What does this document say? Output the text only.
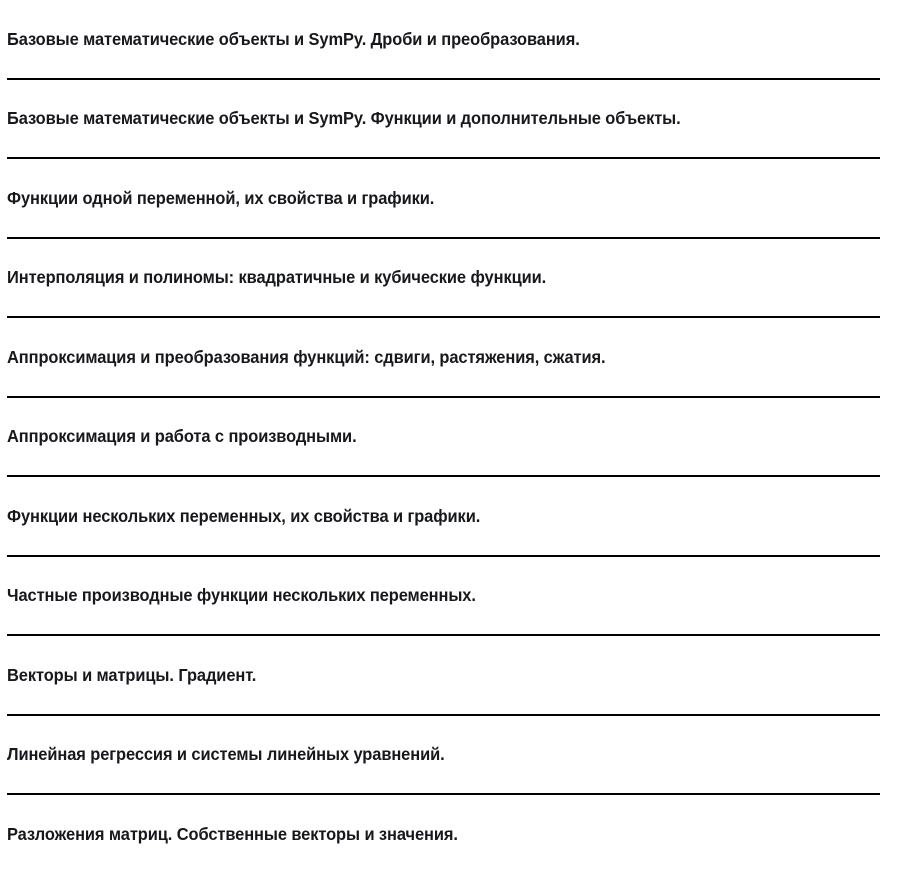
Базовые математические объекты и SymPy. Дроби и преобразования.
Базовые математические объекты и SymPy. Функции и дополнительные объекты.
Функции одной переменной, их свойства и графики.
Интерполяция и полиномы: квадратичные и кубические функции.
Аппроксимация и преобразования функций: сдвиги, растяжения, сжатия.
Аппроксимация и работа с производными.
Функции нескольких переменных, их свойства и графики.
Частные производные функции нескольких переменных.
Векторы и матрицы. Градиент.
Линейная регрессия и системы линейных уравнений.
Разложения матриц. Собственные векторы и значения.
